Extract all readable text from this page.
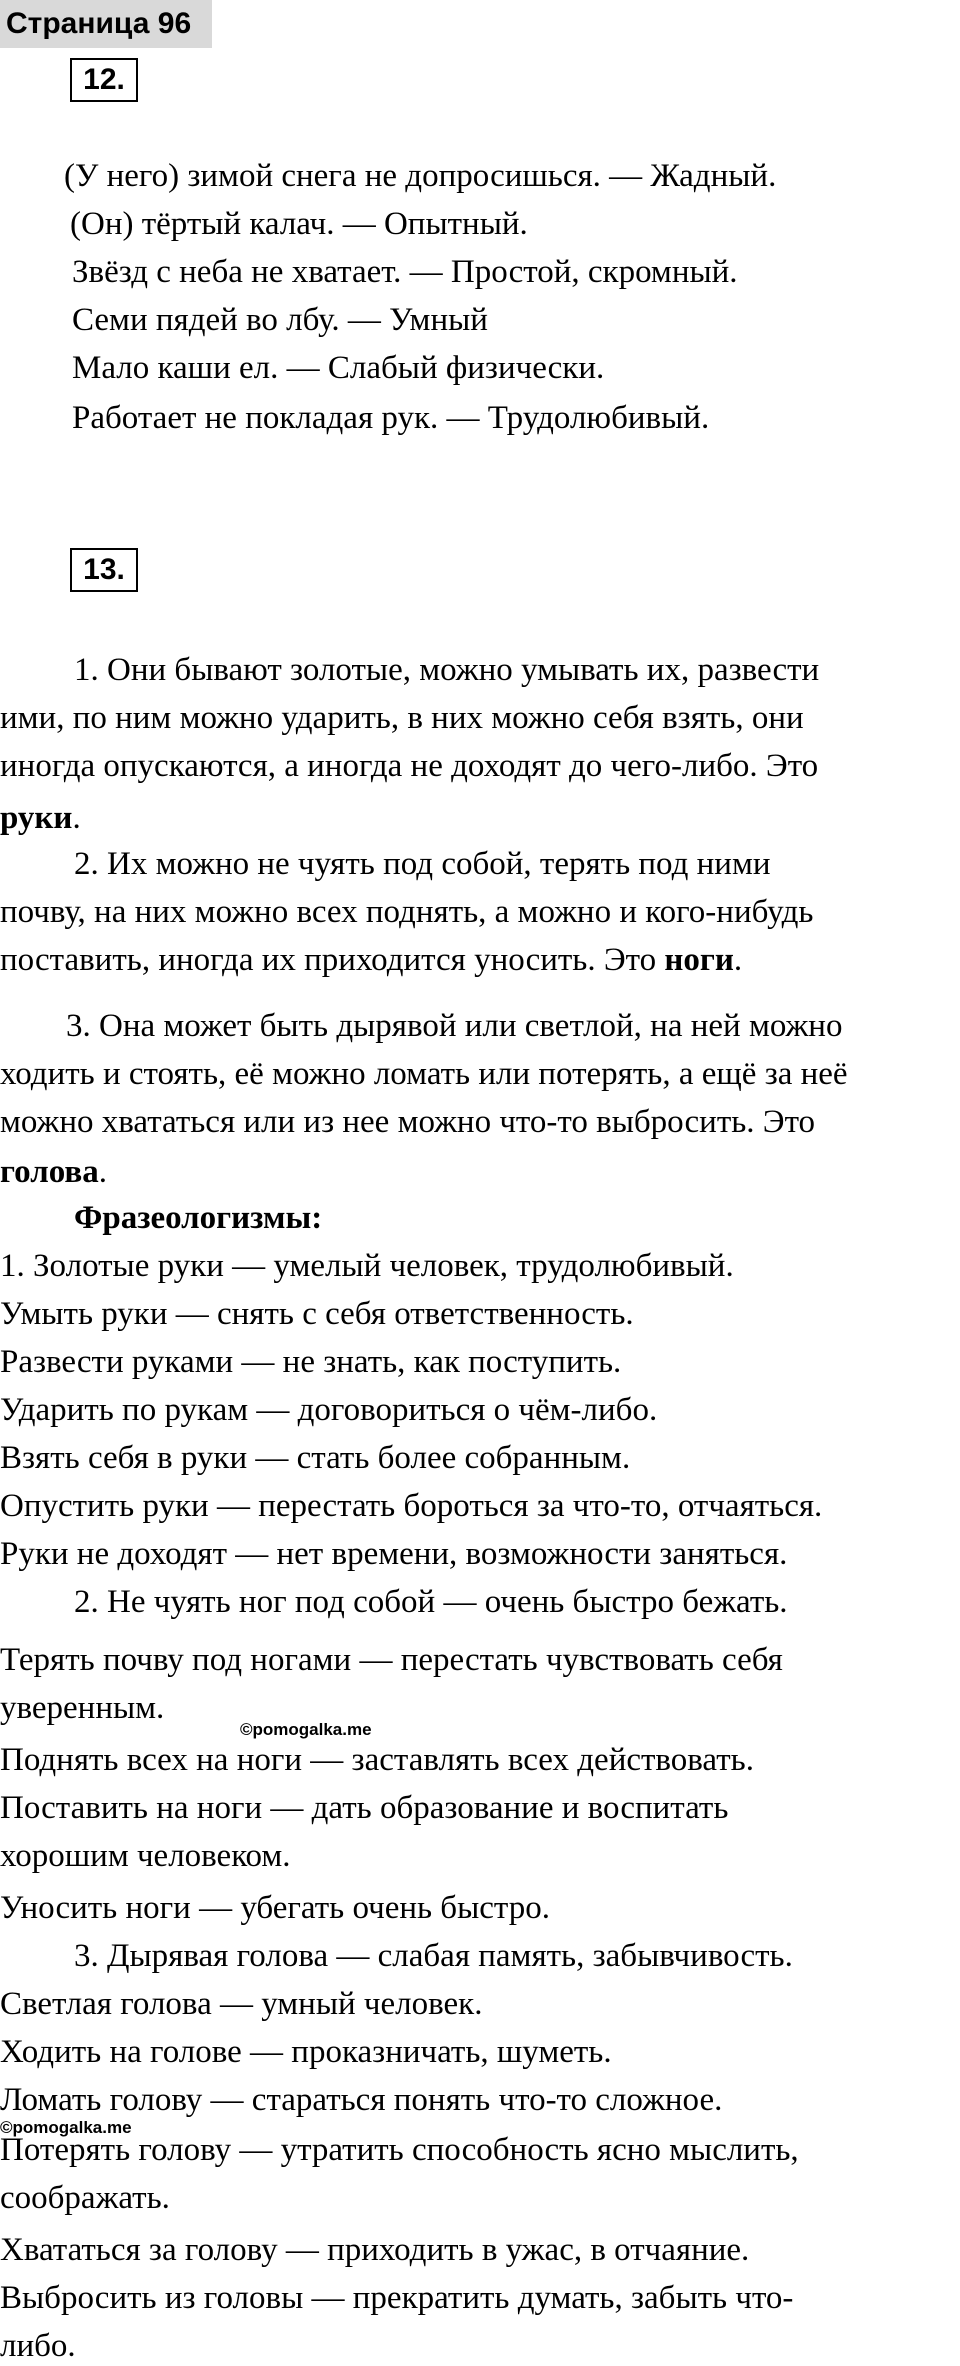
Страница 96
12.
(У него) зимой снега не допросишься. — Жадный.
(Он) тёртый калач. — Опытный.
Звёзд с неба не хватает. — Простой, скромный.
Семи пядей во лбу. — Умный
Мало каши ел. — Слабый физически.
Работает не покладая рук. — Трудолюбивый.
13.
1. Они бывают золотые, можно умывать их, развести
ими, по ним можно ударить, в них можно себя взять, они
иногда опускаются, а иногда не доходят до чего-либо. Это
руки.
2. Их можно не чуять под собой, терять под ними
почву, на них можно всех поднять, а можно и кого-нибудь
поставить, иногда их приходится уносить. Это ноги.
3. Она может быть дырявой или светлой, на ней можно
ходить и стоять, её можно ломать или потерять, а ещё за неё
можно хвататься или из нее можно что-то выбросить. Это
голова.
Фразеологизмы:
1. Золотые руки — умелый человек, трудолюбивый.
Умыть руки — снять с себя ответственность.
Развести руками — не знать, как поступить.
Ударить по рукам — договориться о чём-либо.
Взять себя в руки — стать более собранным.
Опустить руки — перестать бороться за что-то, отчаяться.
Руки не доходят — нет времени, возможности заняться.
2. Не чуять ног под собой — очень быстро бежать.
Терять почву под ногами — перестать чувствовать себя
уверенным.
Поднять всех на ноги — заставлять всех действовать.
Поставить на ноги — дать образование и воспитать
хорошим человеком.
Уносить ноги — убегать очень быстро.
3. Дырявая голова — слабая память, забывчивость.
Светлая голова — умный человек.
Ходить на голове — проказничать, шуметь.
Ломать голову — стараться понять что-то сложное.
Потерять голову — утратить способность ясно мыслить,
соображать.
Хвататься за голову — приходить в ужас, в отчаяние.
Выбросить из головы — прекратить думать, забыть что-
либо.
©pomogalka.me
©pomogalka.me
